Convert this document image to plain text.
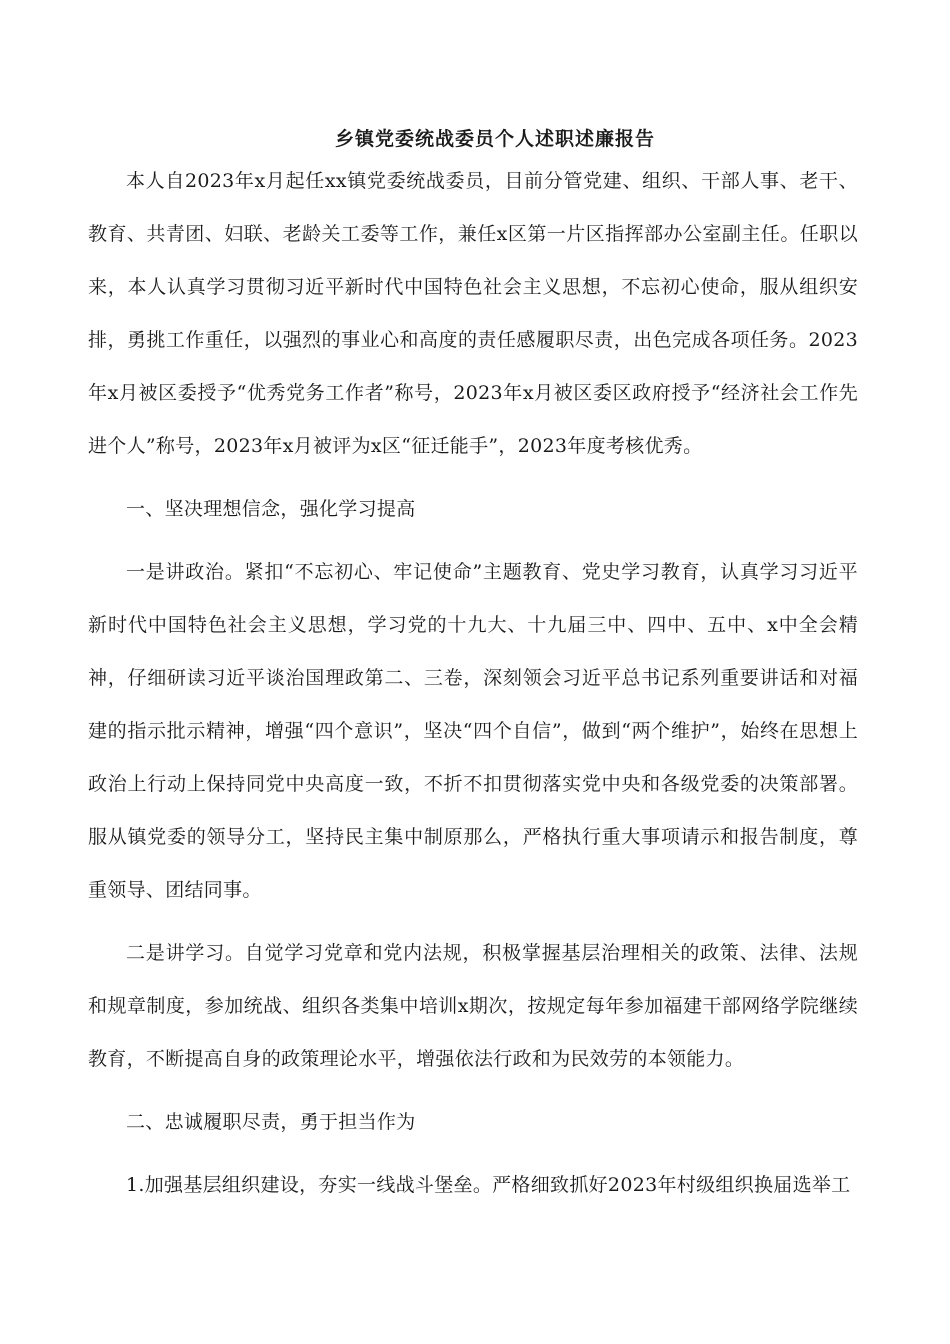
乡镇党委统战委员个人述职述廉报告

本人自2023年x月起任xx镇党委统战委员，目前分管党建、组织、干部人事、老干、教育、共青团、妇联、老龄关工委等工作，兼任x区第一片区指挥部办公室副主任。任职以来，本人认真学习贯彻习近平新时代中国特色社会主义思想，不忘初心使命，服从组织安排，勇挑工作重任，以强烈的事业心和高度的责任感履职尽责，出色完成各项任务。2023年x月被区委授予“优秀党务工作者”称号，2023年x月被区委区政府授予“经济社会工作先进个人”称号，2023年x月被评为x区“征迁能手”，2023年度考核优秀。

一、坚决理想信念，强化学习提高

一是讲政治。紧扣“不忘初心、牢记使命”主题教育、党史学习教育，认真学习习近平新时代中国特色社会主义思想，学习党的十九大、十九届三中、四中、五中、x中全会精神，仔细研读习近平谈治国理政第二、三卷，深刻领会习近平总书记系列重要讲话和对福建的指示批示精神，增强“四个意识”，坚决“四个自信”，做到“两个维护”，始终在思想上政治上行动上保持同党中央高度一致，不折不扣贯彻落实党中央和各级党委的决策部署。服从镇党委的领导分工，坚持民主集中制原那么，严格执行重大事项请示和报告制度，尊重领导、团结同事。

二是讲学习。自觉学习党章和党内法规，积极掌握基层治理相关的政策、法律、法规和规章制度，参加统战、组织各类集中培训x期次，按规定每年参加福建干部网络学院继续教育，不断提高自身的政策理论水平，增强依法行政和为民效劳的本领能力。

二、忠诚履职尽责，勇于担当作为

1.加强基层组织建设，夯实一线战斗堡垒。严格细致抓好2023年村级组织换届选举工
